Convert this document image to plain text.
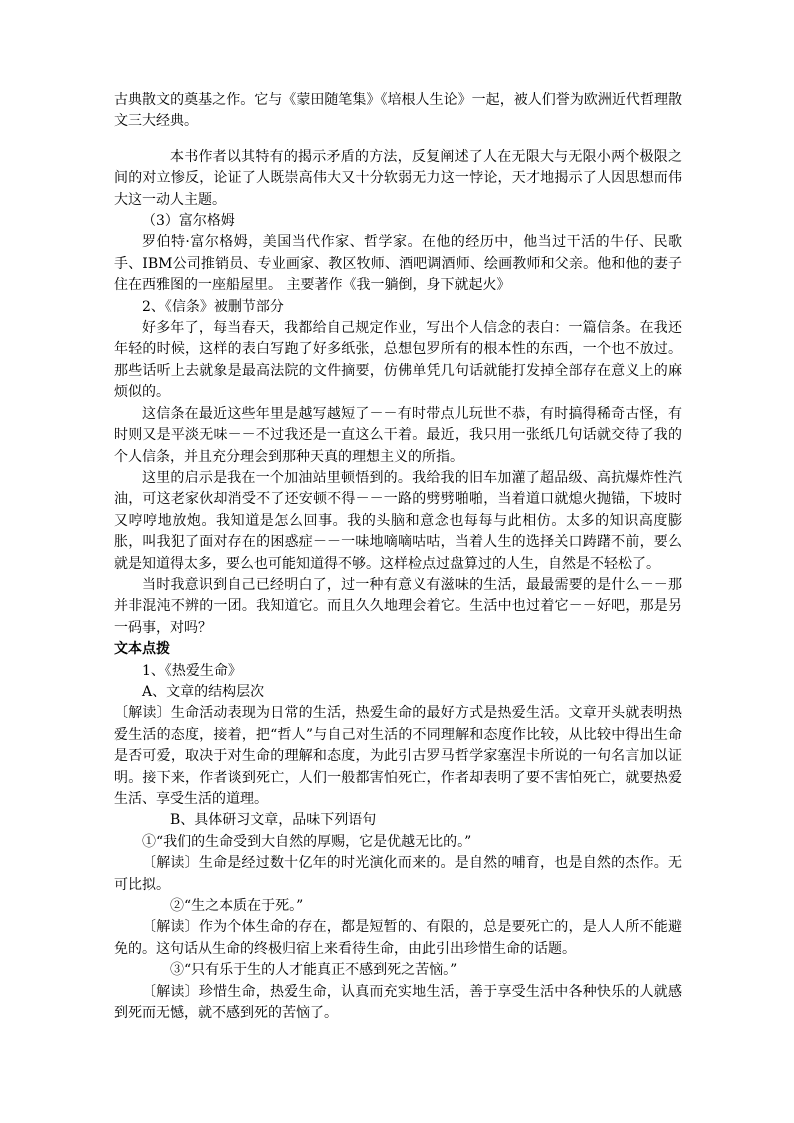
古典散文的奠基之作。它与《蒙田随笔集》《培根人生论》一起，被人们誉为欧洲近代哲理散文三大经典。

本书作者以其特有的揭示矛盾的方法，反复阐述了人在无限大与无限小两个极限之间的对立惨反，论证了人既崇高伟大又十分软弱无力这一悖论，天才地揭示了人因思想而伟大这一动人主题。

（3）富尔格姆

罗伯特·富尔格姆，美国当代作家、哲学家。在他的经历中，他当过干活的牛仔、民歌手、IBM公司推销员、专业画家、教区牧师、酒吧调酒师、绘画教师和父亲。他和他的妻子住在西雅图的一座船屋里。 主要著作《我一躺倒，身下就起火》

2、《信条》被删节部分

好多年了，每当春天，我都给自己规定作业，写出个人信念的表白：一篇信条。在我还年轻的时候，这样的表白写跑了好多纸张，总想包罗所有的根本性的东西，一个也不放过。那些话听上去就象是最高法院的文件摘要，仿佛单凭几句话就能打发掉全部存在意义上的麻烦似的。

这信条在最近这些年里是越写越短了－－有时带点儿玩世不恭，有时搞得稀奇古怪，有时则又是平淡无味－－不过我还是一直这么干着。最近，我只用一张纸几句话就交待了我的个人信条，并且充分理会到那种天真的理想主义的所指。

这里的启示是我在一个加油站里顿悟到的。我给我的旧车加灌了超品级、高抗爆炸性汽油，可这老家伙却消受不了还安顿不得－－一路的劈劈啪啪，当着道口就熄火抛锚，下坡时又哼哼地放炮。我知道是怎么回事。我的头脑和意念也每每与此相仿。太多的知识高度膨胀，叫我犯了面对存在的困惑症－－一味地嘀嘀咕咕，当着人生的选择关口踌躇不前，要么就是知道得太多，要么也可能知道得不够。这样检点过盘算过的人生，自然是不轻松了。

当时我意识到自己已经明白了，过一种有意义有滋味的生活，最最需要的是什么－－那并非混沌不辨的一团。我知道它。而且久久地理会着它。生活中也过着它－－好吧，那是另一码事，对吗？

文本点拨

1、《热爱生命》

A、文章的结构层次

〔解读〕生命活动表现为日常的生活，热爱生命的最好方式是热爱生活。文章开头就表明热爱生活的态度，接着，把“哲人”与自己对生活的不同理解和态度作比较，从比较中得出生命是否可爱，取决于对生命的理解和态度，为此引古罗马哲学家塞涅卡所说的一句名言加以证明。接下来，作者谈到死亡，人们一般都害怕死亡，作者却表明了要不害怕死亡，就要热爱生活、享受生活的道理。

B、具体研习文章，品味下列语句

①“我们的生命受到大自然的厚赐，它是优越无比的。”

〔解读〕生命是经过数十亿年的时光演化而来的。是自然的哺育，也是自然的杰作。无可比拟。

②“生之本质在于死。”

〔解读〕作为个体生命的存在，都是短暂的、有限的，总是要死亡的，是人人所不能避免的。这句话从生命的终极归宿上来看待生命，由此引出珍惜生命的话题。

③“只有乐于生的人才能真正不感到死之苦恼。”

〔解读〕珍惜生命，热爱生命，认真而充实地生活，善于享受生活中各种快乐的人就感到死而无憾，就不感到死的苦恼了。
